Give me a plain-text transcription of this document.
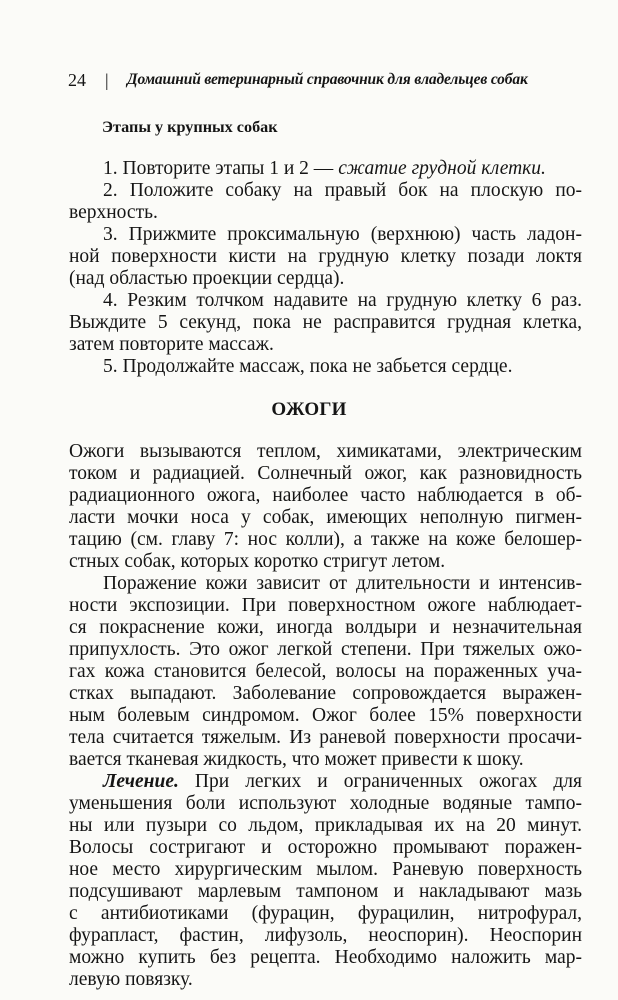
24 | Домашний ветеринарный справочник для владельцев собак
Этапы у крупных собак
1. Повторите этапы 1 и 2 — сжатие грудной клетки.
2. Положите собаку на правый бок на плоскую по-
верхность.
3. Прижмите проксимальную (верхнюю) часть ладон-
ной поверхности кисти на грудную клетку позади локтя
(над областью проекции сердца).
4. Резким толчком надавите на грудную клетку 6 раз.
Выждите 5 секунд, пока не расправится грудная клетка,
затем повторите массаж.
5. Продолжайте массаж, пока не забьется сердце.
ОЖОГИ
Ожоги вызываются теплом, химикатами, электрическим
током и радиацией. Солнечный ожог, как разновидность
радиационного ожога, наиболее часто наблюдается в об-
ласти мочки носа у собак, имеющих неполную пигмен-
тацию (см. главу 7: нос колли), а также на коже белошер-
стных собак, которых коротко стригут летом.
Поражение кожи зависит от длительности и интенсив-
ности экспозиции. При поверхностном ожоге наблюдает-
ся покраснение кожи, иногда волдыри и незначительная
припухлость. Это ожог легкой степени. При тяжелых ожо-
гах кожа становится белесой, волосы на пораженных уча-
стках выпадают. Заболевание сопровождается выражен-
ным болевым синдромом. Ожог более 15% поверхности
тела считается тяжелым. Из раневой поверхности просачи-
вается тканевая жидкость, что может привести к шоку.
Лечение. При легких и ограниченных ожогах для
уменьшения боли используют холодные водяные тампо-
ны или пузыри со льдом, прикладывая их на 20 минут.
Волосы состригают и осторожно промывают поражен-
ное место хирургическим мылом. Раневую поверхность
подсушивают марлевым тампоном и накладывают мазь
с антибиотиками (фурацин, фурацилин, нитрофурал,
фурапласт, фастин, лифузоль, неоспорин). Неоспорин
можно купить без рецепта. Необходимо наложить мар-
левую повязку.
